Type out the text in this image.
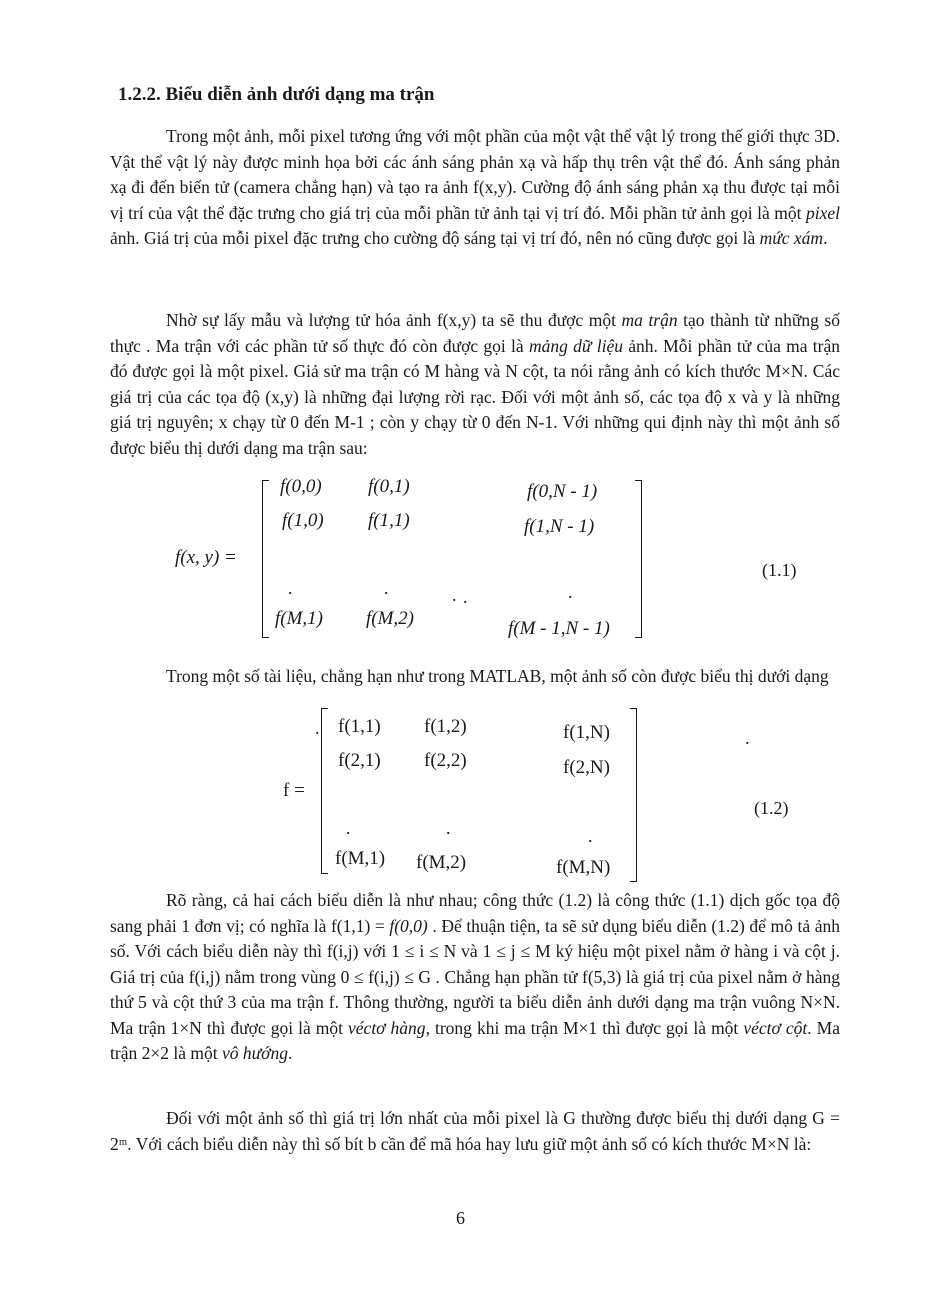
1.2.2. Biểu diễn ảnh dưới dạng ma trận

Trong một ảnh, mỗi pixel tương ứng với một phần của một vật thể vật lý trong thế giới thực 3D. Vật thể vật lý này được minh họa bởi các ánh sáng phản xạ và hấp thụ trên vật thể đó. Ánh sáng phản xạ đi đến biến tử (camera chẳng hạn) và tạo ra ảnh f(x,y). Cường độ ánh sáng phản xạ thu được tại mỗi vị trí của vật thể đặc trưng cho giá trị của mỗi phần tử ảnh tại vị trí đó. Mỗi phần tử ảnh gọi là một pixel ảnh. Giá trị của mỗi pixel đặc trưng cho cường độ sáng tại vị trí đó, nên nó cũng được gọi là mức xám.

Nhờ sự lấy mẫu và lượng tử hóa ảnh f(x,y) ta sẽ thu được một ma trận tạo thành từ những số thực . Ma trận với các phần tử số thực đó còn được gọi là mảng dữ liệu ảnh. Mỗi phần tử của ma trận đó được gọi là một pixel. Giả sử ma trận có M hàng và N cột, ta nói rằng ảnh có kích thước M×N. Các giá trị của các tọa độ (x,y) là những đại lượng rời rạc. Đối với một ảnh số, các tọa độ x và y là những giá trị nguyên; x chạy từ 0 đến M-1 ; còn y chạy từ 0 đến N-1. Với những qui định này thì một ảnh số được biểu thị dưới dạng ma trận sau:

f(x, y) =
f(0,0) f(0,1)	f(0,N - 1)
f(1,0) f(1,1)	f(1,N - 1)
.	.	. .	.
f(M,1) f(M,2)	f(M - 1,N - 1)
(1.1)

Trong một số tài liệu, chẳng hạn như trong MATLAB, một ảnh số còn được biểu thị dưới dạng

f =
. f(1,1) f(1,2)	f(1,N)
f(2,1) f(2,2)	f(2,N)
.	.	.
f(M,1) f(M,2)	f(M,N)
.
(1.2)

Rõ ràng, cả hai cách biểu diễn là như nhau; công thức (1.2) là công thức (1.1) dịch gốc tọa độ sang phải 1 đơn vị; có nghĩa là f(1,1) = f(0,0) . Để thuận tiện, ta sẽ sử dụng biểu diễn (1.2) để mô tả ảnh số. Với cách biểu diễn này thì f(i,j) với 1 ≤ i ≤ N và 1 ≤ j ≤ M ký hiệu một pixel nằm ở hàng i và cột j. Giá trị của f(i,j) nằm trong vùng 0 ≤ f(i,j) ≤ G . Chẳng hạn phần tử f(5,3) là giá trị của pixel nằm ở hàng thứ 5 và cột thứ 3 của ma trận f. Thông thường, người ta biểu diễn ảnh dưới dạng ma trận vuông N×N. Ma trận 1×N thì được gọi là một véctơ hàng, trong khi ma trận M×1 thì được gọi là một véctơ cột. Ma trận 2×2 là một vô hướng.

Đối với một ảnh số thì giá trị lớn nhất của mỗi pixel là G thường được biểu thị dưới dạng G = 2ᵐ. Với cách biểu diễn này thì số bít b cần để mã hóa hay lưu giữ một ảnh số có kích thước M×N là:

6
